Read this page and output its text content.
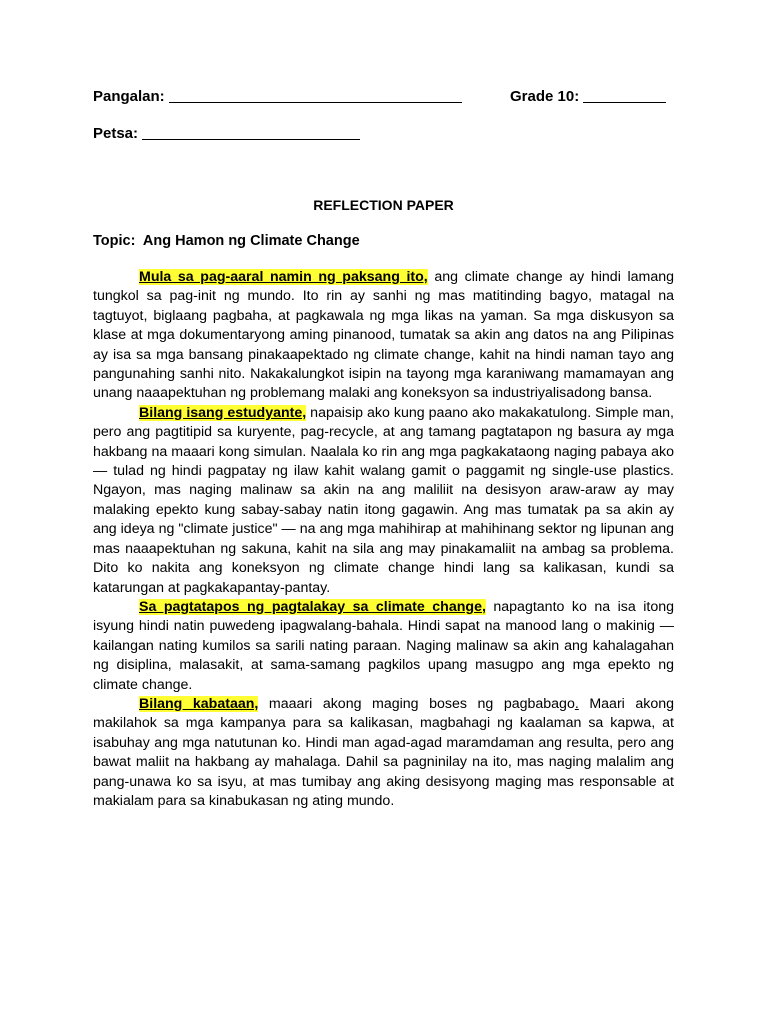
Pangalan:	Grade 10:
Petsa:
REFLECTION PAPER
Topic:  Ang Hamon ng Climate Change

Mula sa pag-aaral namin ng paksang ito, ang climate change ay hindi lamang tungkol sa pag-init ng mundo. Ito rin ay sanhi ng mas matitinding bagyo, matagal na tagtuyot, biglaang pagbaha, at pagkawala ng mga likas na yaman. Sa mga diskusyon sa klase at mga dokumentaryong aming pinanood, tumatak sa akin ang datos na ang Pilipinas ay isa sa mga bansang pinakaapektado ng climate change, kahit na hindi naman tayo ang pangunahing sanhi nito. Nakakalungkot isipin na tayong mga karaniwang mamamayan ang unang naaapektuhan ng problemang malaki ang koneksyon sa industriyalisadong bansa.

Bilang isang estudyante, napaisip ako kung paano ako makakatulong. Simple man, pero ang pagtitipid sa kuryente, pag-recycle, at ang tamang pagtatapon ng basura ay mga hakbang na maaari kong simulan. Naalala ko rin ang mga pagkakataong naging pabaya ako — tulad ng hindi pagpatay ng ilaw kahit walang gamit o paggamit ng single-use plastics. Ngayon, mas naging malinaw sa akin na ang maliliit na desisyon araw-araw ay may malaking epekto kung sabay-sabay natin itong gagawin. Ang mas tumatak pa sa akin ay ang ideya ng "climate justice" — na ang mga mahihirap at mahihinang sektor ng lipunan ang mas naaapektuhan ng sakuna, kahit na sila ang may pinakamaliit na ambag sa problema. Dito ko nakita ang koneksyon ng climate change hindi lang sa kalikasan, kundi sa katarungan at pagkakapantay-pantay.

Sa pagtatapos ng pagtalakay sa climate change, napagtanto ko na isa itong isyung hindi natin puwedeng ipagwalang-bahala. Hindi sapat na manood lang o makinig — kailangan nating kumilos sa sarili nating paraan. Naging malinaw sa akin ang kahalagahan ng disiplina, malasakit, at sama-samang pagkilos upang masugpo ang mga epekto ng climate change.

Bilang kabataan, maaari akong maging boses ng pagbabago. Maari akong makilahok sa mga kampanya para sa kalikasan, magbahagi ng kaalaman sa kapwa, at isabuhay ang mga natutunan ko. Hindi man agad-agad maramdaman ang resulta, pero ang bawat maliit na hakbang ay mahalaga. Dahil sa pagninilay na ito, mas naging malalim ang pang-unawa ko sa isyu, at mas tumibay ang aking desisyong maging mas responsable at makialam para sa kinabukasan ng ating mundo.
